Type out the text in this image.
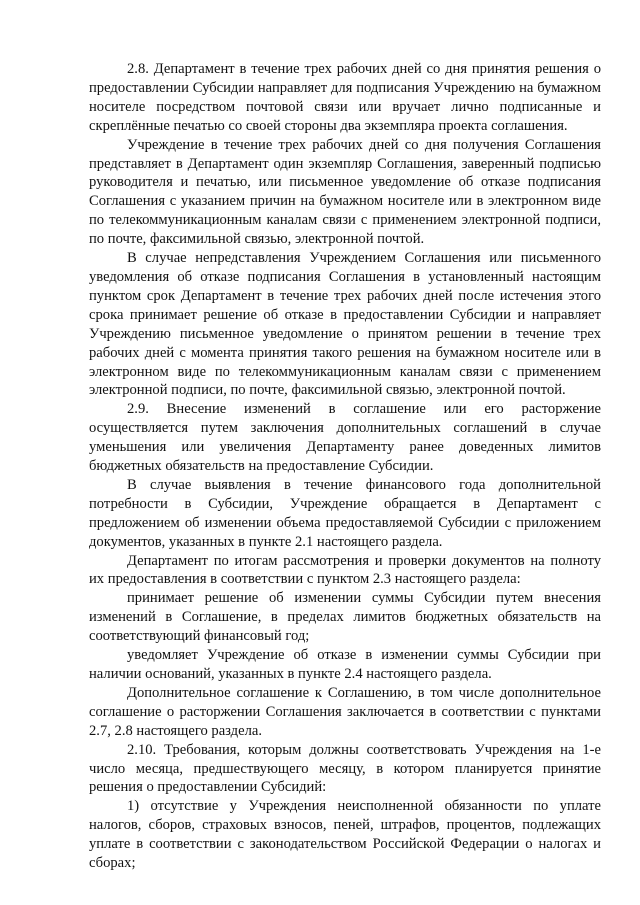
2.8. Департамент в течение трех рабочих дней со дня принятия решения о предоставлении Субсидии направляет для подписания Учреждению на бумажном носителе посредством почтовой связи или вручает лично подписанные и скреплённые печатью со своей стороны два экземпляра проекта соглашения.

Учреждение в течение трех рабочих дней со дня получения Соглашения представляет в Департамент один экземпляр Соглашения, заверенный подписью руководителя и печатью, или письменное уведомление об отказе подписания Соглашения с указанием причин на бумажном носителе или в электронном виде по телекоммуникационным каналам связи с применением электронной подписи, по почте, факсимильной связью, электронной почтой.

В случае непредставления Учреждением Соглашения или письменного уведомления об отказе подписания Соглашения в установленный настоящим пунктом срок Департамент в течение трех рабочих дней после истечения этого срока принимает решение об отказе в предоставлении Субсидии и направляет Учреждению письменное уведомление о принятом решении в течение трех рабочих дней с момента принятия такого решения на бумажном носителе или в электронном виде по телекоммуникационным каналам связи с применением электронной подписи, по почте, факсимильной связью, электронной почтой.

2.9. Внесение изменений в соглашение или его расторжение осуществляется путем заключения дополнительных соглашений в случае уменьшения или увеличения Департаменту ранее доведенных лимитов бюджетных обязательств на предоставление Субсидии.

В случае выявления в течение финансового года дополнительной потребности в Субсидии, Учреждение обращается в Департамент с предложением об изменении объема предоставляемой Субсидии с приложением документов, указанных в пункте 2.1 настоящего раздела.

Департамент по итогам рассмотрения и проверки документов на полноту их предоставления в соответствии с пунктом 2.3 настоящего раздела:

принимает решение об изменении суммы Субсидии путем внесения изменений в Соглашение, в пределах лимитов бюджетных обязательств на соответствующий финансовый год;

уведомляет Учреждение об отказе в изменении суммы Субсидии при наличии оснований, указанных в пункте 2.4 настоящего раздела.

Дополнительное соглашение к Соглашению, в том числе дополнительное соглашение о расторжении Соглашения заключается в соответствии с пунктами 2.7, 2.8 настоящего раздела.

2.10. Требования, которым должны соответствовать Учреждения на 1-е число месяца, предшествующего месяцу, в котором планируется принятие решения о предоставлении Субсидий:

1) отсутствие у Учреждения неисполненной обязанности по уплате налогов, сборов, страховых взносов, пеней, штрафов, процентов, подлежащих уплате в соответствии с законодательством Российской Федерации о налогах и сборах;
